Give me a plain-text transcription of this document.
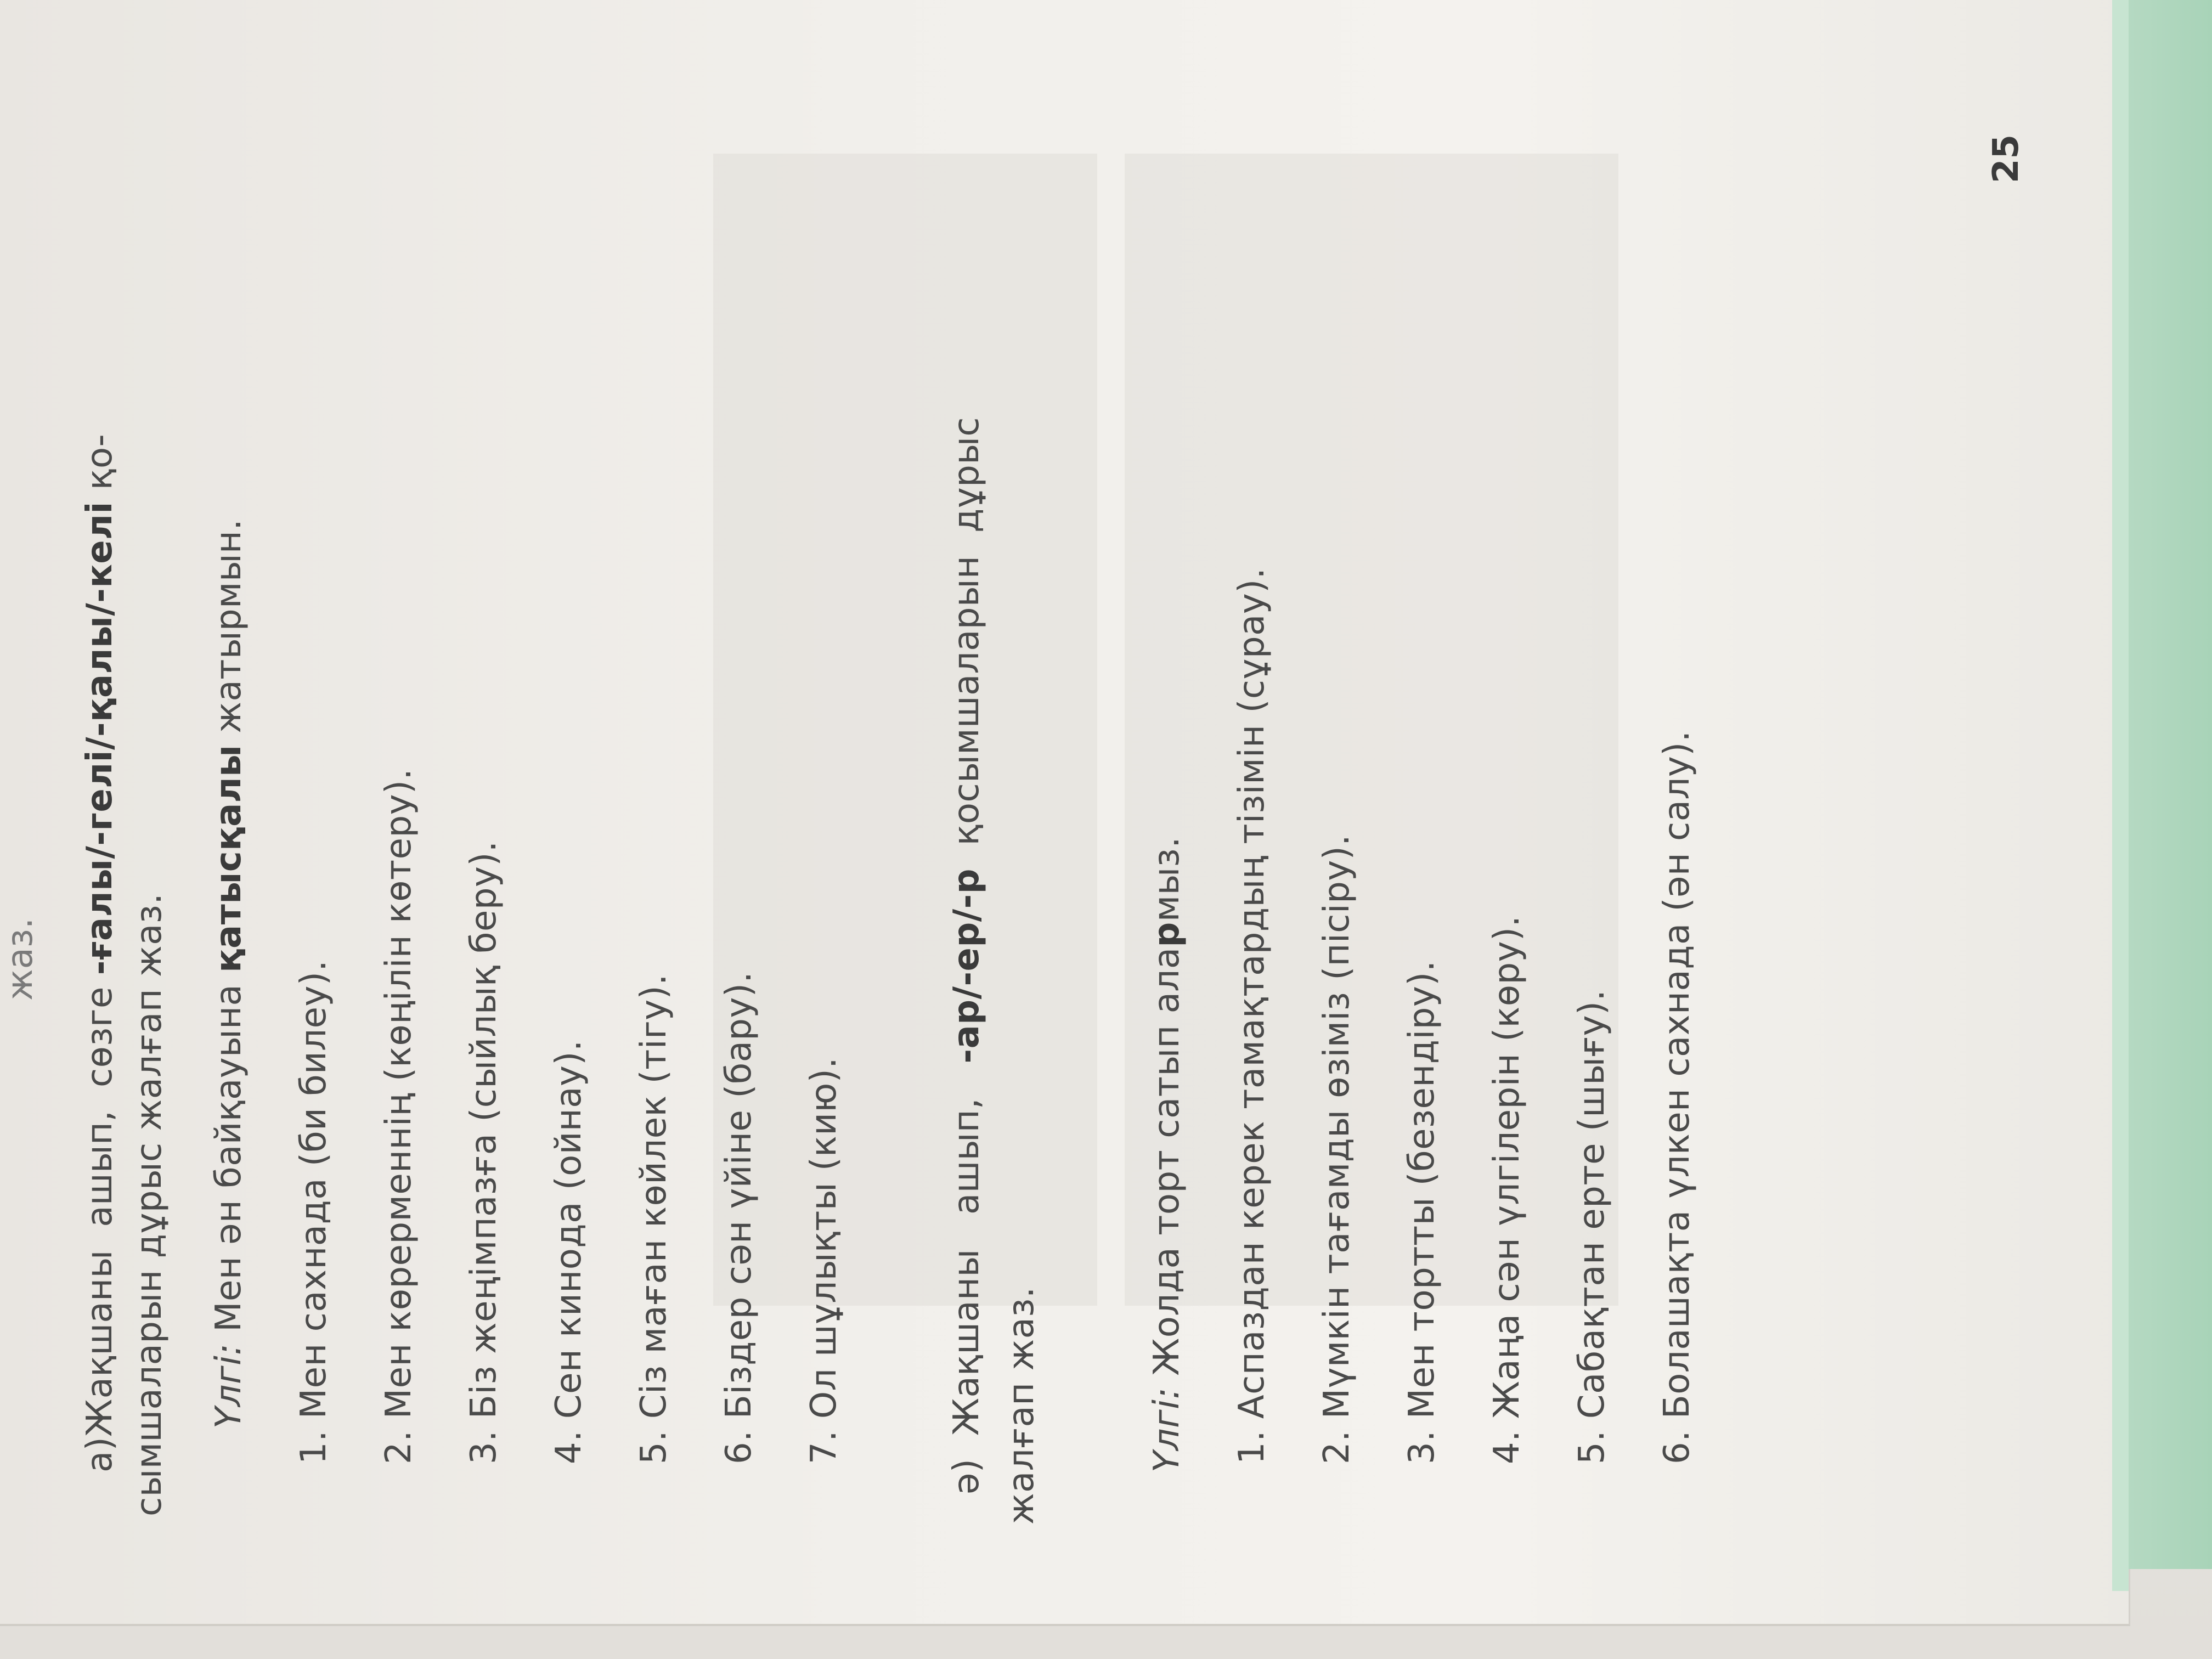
жаз.
а)Жақшаны  ашып,  сөзге -ғалы/-гелі/-қалы/-келі қо-
сымшаларын дұрыс жалғап жаз. Үлгі: Мен ән байқауына қатысқалы жатырмын.
1. Мен сахнада (би билеу). 2. Мен көрерменнің (көңілін көтеру). 3. Біз жеңімпазға (сыйлық беру). 4. Сен кинода (ойнау). 5. Сіз маған көйлек (тігу). 6. Біздер сән үйіне (бару). 7. Ол шұлықты (кию).
ә)  Жақшаны   ашып,   -ар/-ер/-р  қосымшаларын  дұрыс
жалғап жаз.	Үлгі: Жолда торт сатып алармыз. 1. Аспаздан керек тамақтардың тізімін (сұрау). 2. Мүмкін тағамды өзіміз (пісіру). 3. Мен тортты (безендіру). 4. Жаңа сән үлгілерін (көру). 5. Сабақтан ерте (шығу). 6. Болашақта үлкен сахнада (ән салу).
25
